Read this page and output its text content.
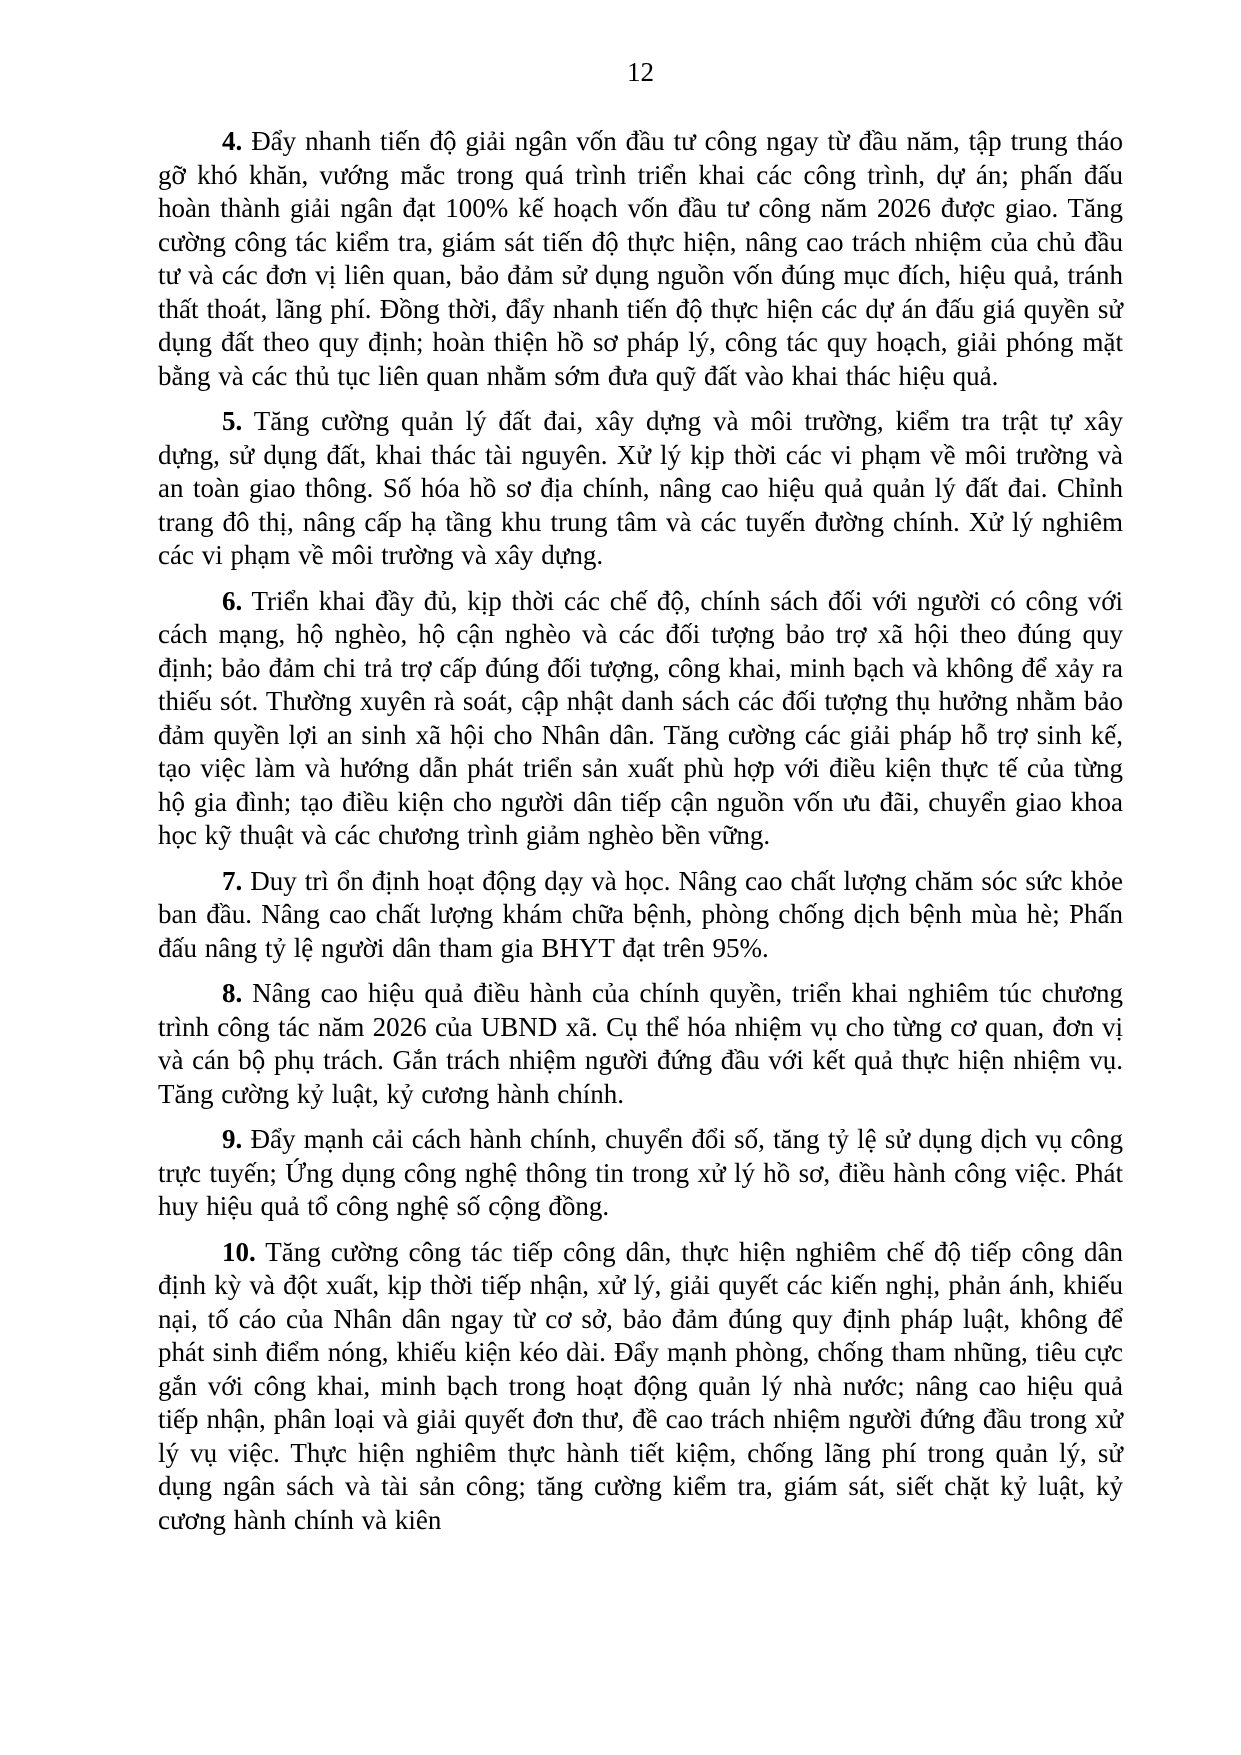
12

4. Đẩy nhanh tiến độ giải ngân vốn đầu tư công ngay từ đầu năm, tập trung tháo gỡ khó khăn, vướng mắc trong quá trình triển khai các công trình, dự án; phấn đấu hoàn thành giải ngân đạt 100% kế hoạch vốn đầu tư công năm 2026 được giao. Tăng cường công tác kiểm tra, giám sát tiến độ thực hiện, nâng cao trách nhiệm của chủ đầu tư và các đơn vị liên quan, bảo đảm sử dụng nguồn vốn đúng mục đích, hiệu quả, tránh thất thoát, lãng phí. Đồng thời, đẩy nhanh tiến độ thực hiện các dự án đấu giá quyền sử dụng đất theo quy định; hoàn thiện hồ sơ pháp lý, công tác quy hoạch, giải phóng mặt bằng và các thủ tục liên quan nhằm sớm đưa quỹ đất vào khai thác hiệu quả.

5. Tăng cường quản lý đất đai, xây dựng và môi trường, kiểm tra trật tự xây dựng, sử dụng đất, khai thác tài nguyên. Xử lý kịp thời các vi phạm về môi trường và an toàn giao thông. Số hóa hồ sơ địa chính, nâng cao hiệu quả quản lý đất đai. Chỉnh trang đô thị, nâng cấp hạ tầng khu trung tâm và các tuyến đường chính. Xử lý nghiêm các vi phạm về môi trường và xây dựng.

6. Triển khai đầy đủ, kịp thời các chế độ, chính sách đối với người có công với cách mạng, hộ nghèo, hộ cận nghèo và các đối tượng bảo trợ xã hội theo đúng quy định; bảo đảm chi trả trợ cấp đúng đối tượng, công khai, minh bạch và không để xảy ra thiếu sót. Thường xuyên rà soát, cập nhật danh sách các đối tượng thụ hưởng nhằm bảo đảm quyền lợi an sinh xã hội cho Nhân dân. Tăng cường các giải pháp hỗ trợ sinh kế, tạo việc làm và hướng dẫn phát triển sản xuất phù hợp với điều kiện thực tế của từng hộ gia đình; tạo điều kiện cho người dân tiếp cận nguồn vốn ưu đãi, chuyển giao khoa học kỹ thuật và các chương trình giảm nghèo bền vững.

7. Duy trì ổn định hoạt động dạy và học. Nâng cao chất lượng chăm sóc sức khỏe ban đầu. Nâng cao chất lượng khám chữa bệnh, phòng chống dịch bệnh mùa hè; Phấn đấu nâng tỷ lệ người dân tham gia BHYT đạt trên 95%.

8. Nâng cao hiệu quả điều hành của chính quyền, triển khai nghiêm túc chương trình công tác năm 2026 của UBND xã. Cụ thể hóa nhiệm vụ cho từng cơ quan, đơn vị và cán bộ phụ trách. Gắn trách nhiệm người đứng đầu với kết quả thực hiện nhiệm vụ. Tăng cường kỷ luật, kỷ cương hành chính.

9. Đẩy mạnh cải cách hành chính, chuyển đổi số, tăng tỷ lệ sử dụng dịch vụ công trực tuyến; Ứng dụng công nghệ thông tin trong xử lý hồ sơ, điều hành công việc. Phát huy hiệu quả tổ công nghệ số cộng đồng.

10. Tăng cường công tác tiếp công dân, thực hiện nghiêm chế độ tiếp công dân định kỳ và đột xuất, kịp thời tiếp nhận, xử lý, giải quyết các kiến nghị, phản ánh, khiếu nại, tố cáo của Nhân dân ngay từ cơ sở, bảo đảm đúng quy định pháp luật, không để phát sinh điểm nóng, khiếu kiện kéo dài. Đẩy mạnh phòng, chống tham nhũng, tiêu cực gắn với công khai, minh bạch trong hoạt động quản lý nhà nước; nâng cao hiệu quả tiếp nhận, phân loại và giải quyết đơn thư, đề cao trách nhiệm người đứng đầu trong xử lý vụ việc. Thực hiện nghiêm thực hành tiết kiệm, chống lãng phí trong quản lý, sử dụng ngân sách và tài sản công; tăng cường kiểm tra, giám sát, siết chặt kỷ luật, kỷ cương hành chính và kiên
